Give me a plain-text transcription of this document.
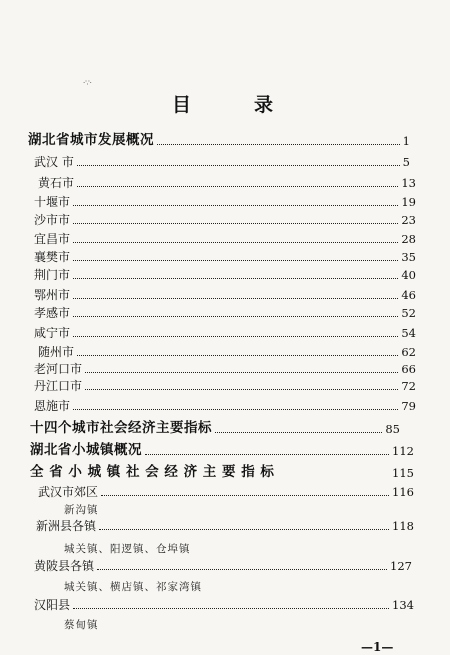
·∵·
目	录
湖北省城市发展概况	1
武汉 市	5
黄石市	13
十堰市	19
沙市市	23
宜昌市	28
襄樊市	35
荆门市	40
鄂州市	46
孝感市	52
咸宁市	54
随州市	62
老河口市	66
丹江口市	72
恩施市	79
十四个城市社会经济主要指标	85
湖北省小城镇概况	112
全 省 小 城 镇 社 会 经 济 主 要 指 标	115
武汉市郊区	116
新洲县各镇	118
黄陂县各镇	127
汉阳县	134
新沟镇
城关镇、阳逻镇、仓埠镇
城关镇、横店镇、祁家湾镇
蔡甸镇
—1—
